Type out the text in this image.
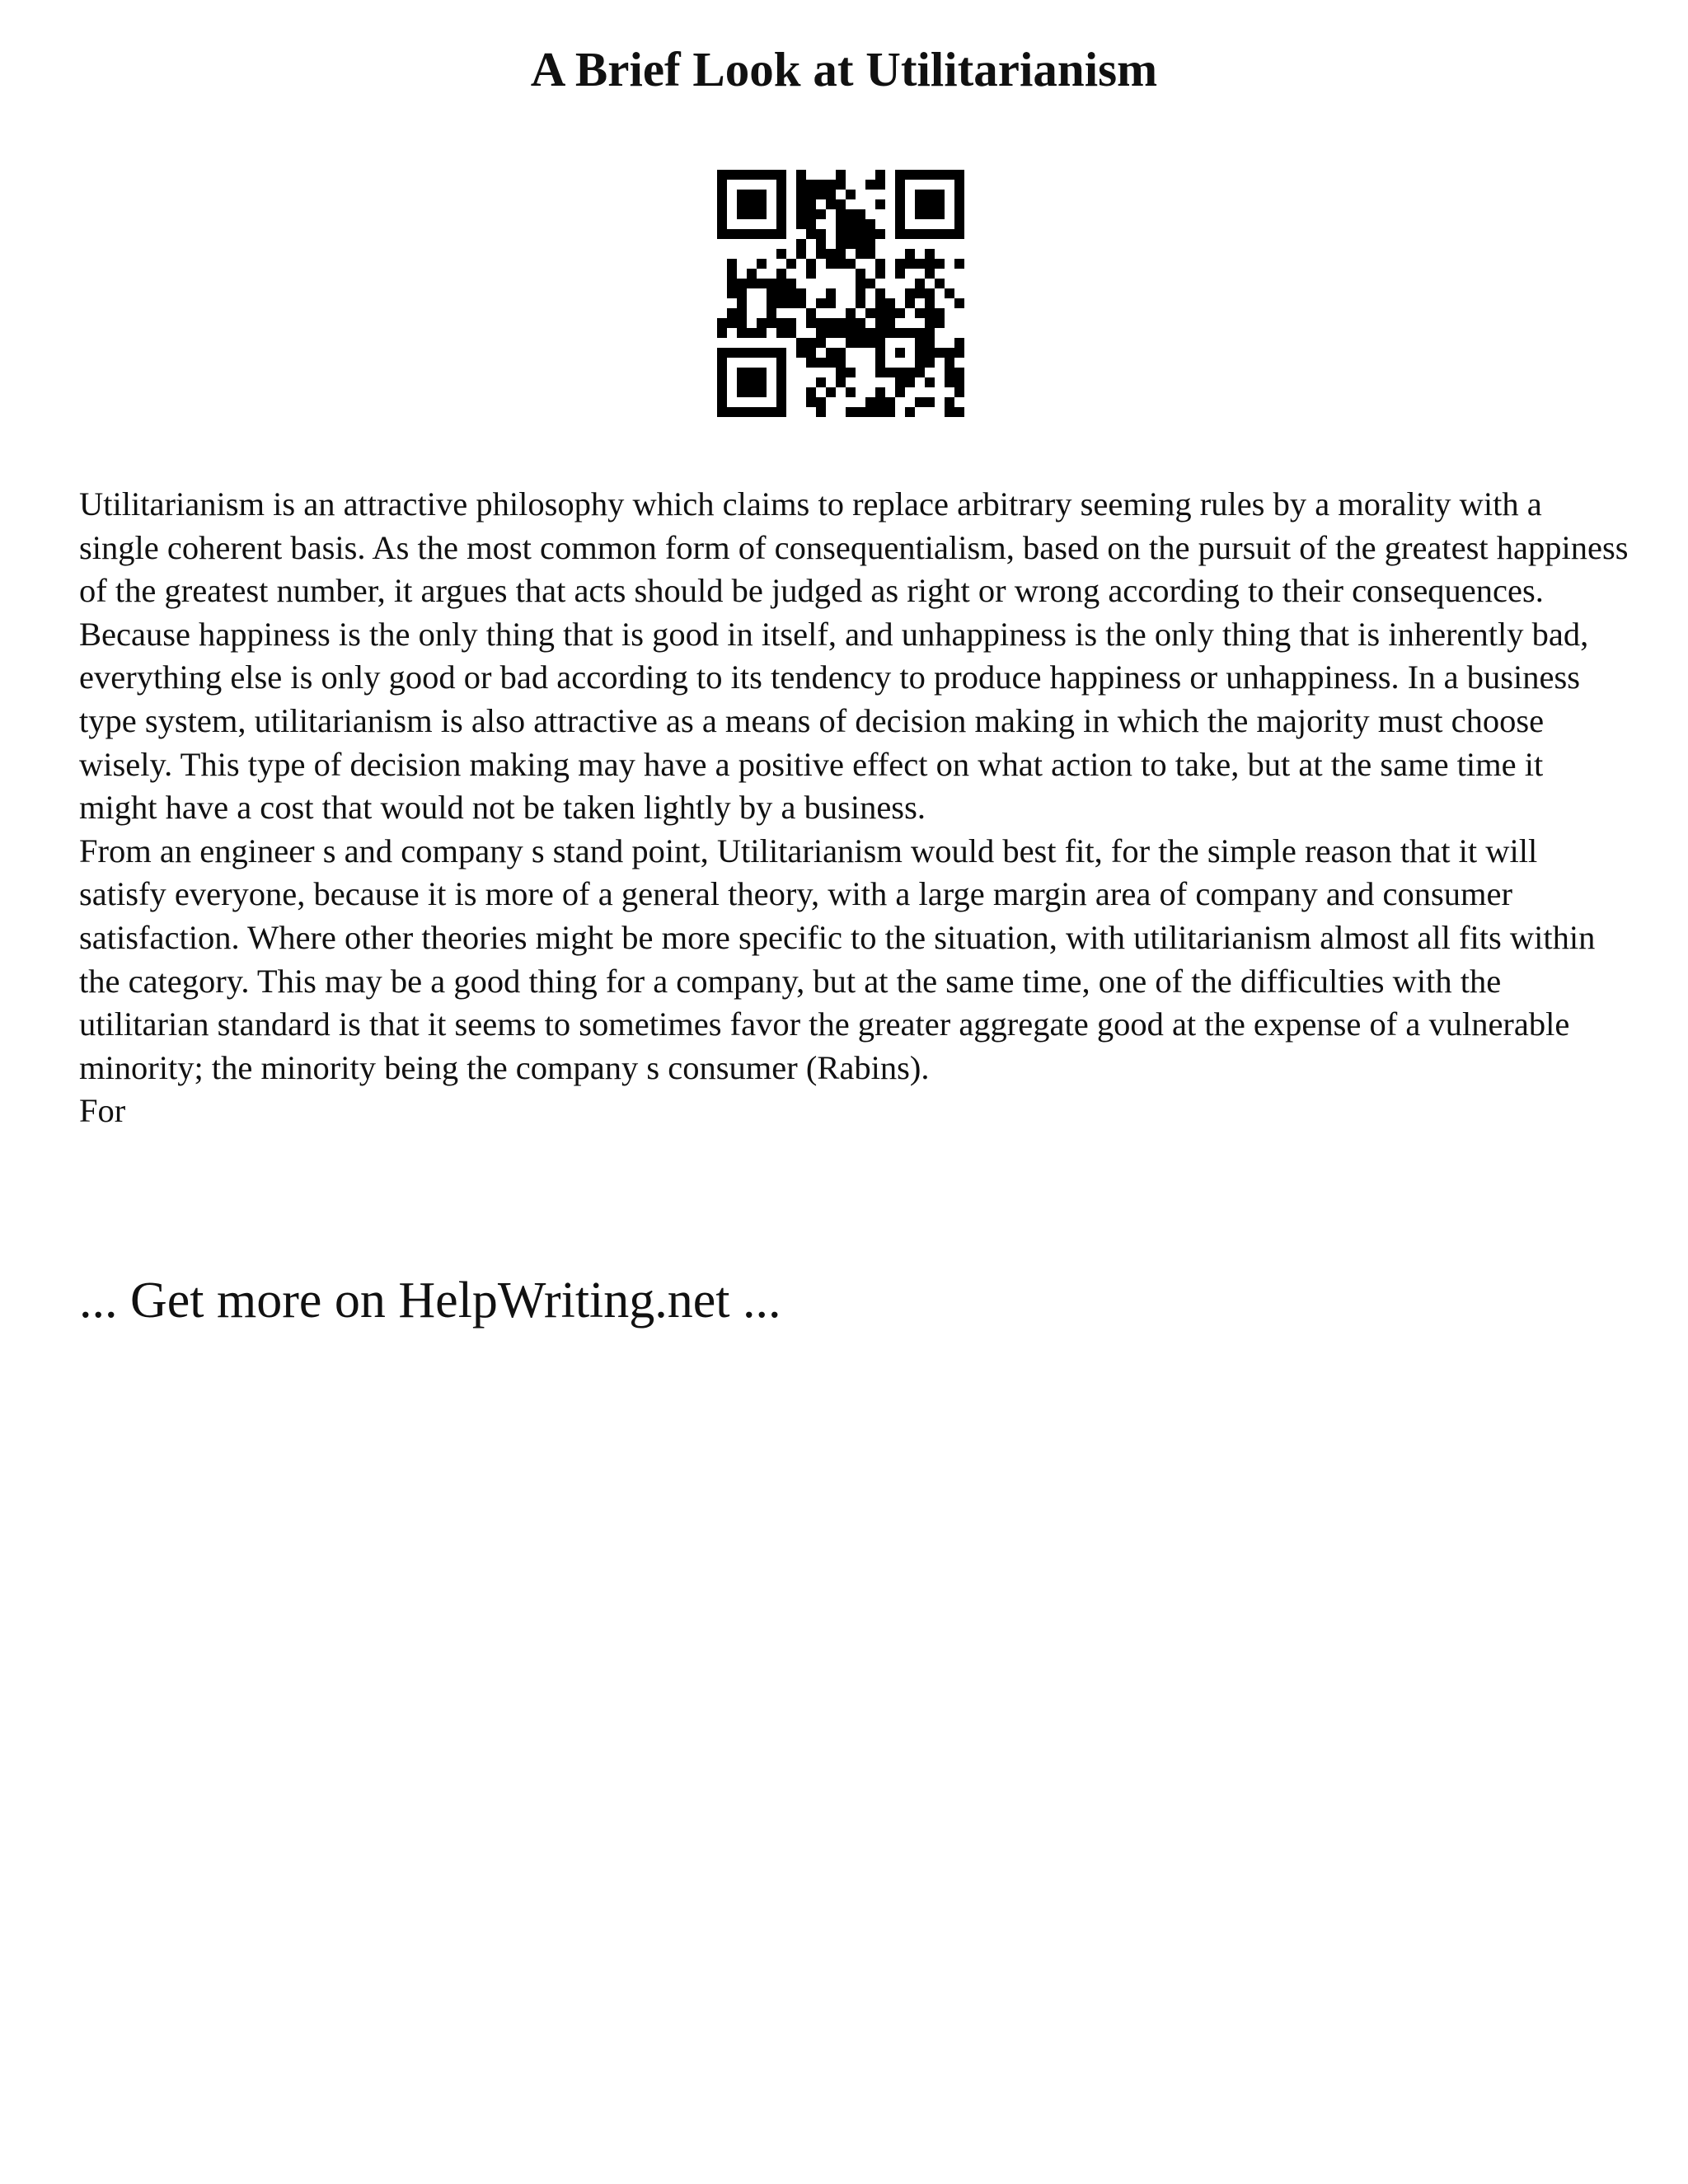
A Brief Look at Utilitarianism

Utilitarianism is an attractive philosophy which claims to replace arbitrary seeming rules by a morality with a single coherent basis. As the most common form of consequentialism, based on the pursuit of the greatest happiness of the greatest number, it argues that acts should be judged as right or wrong according to their consequences. Because happiness is the only thing that is good in itself, and unhappiness is the only thing that is inherently bad, everything else is only good or bad according to its tendency to produce happiness or unhappiness. In a business type system, utilitarianism is also attractive as a means of decision making in which the majority must choose wisely. This type of decision making may have a positive effect on what action to take, but at the same time it might have a cost that would not be taken lightly by a business.

From an engineer s and company s stand point, Utilitarianism would best fit, for the simple reason that it will satisfy everyone, because it is more of a general theory, with a large margin area of company and consumer satisfaction. Where other theories might be more specific to the situation, with utilitarianism almost all fits within the category. This may be a good thing for a company, but at the same time, one of the difficulties with the utilitarian standard is that it seems to sometimes favor the greater aggregate good at the expense of a vulnerable minority; the minority being the company s consumer (Rabins).

For

... Get more on HelpWriting.net ...
